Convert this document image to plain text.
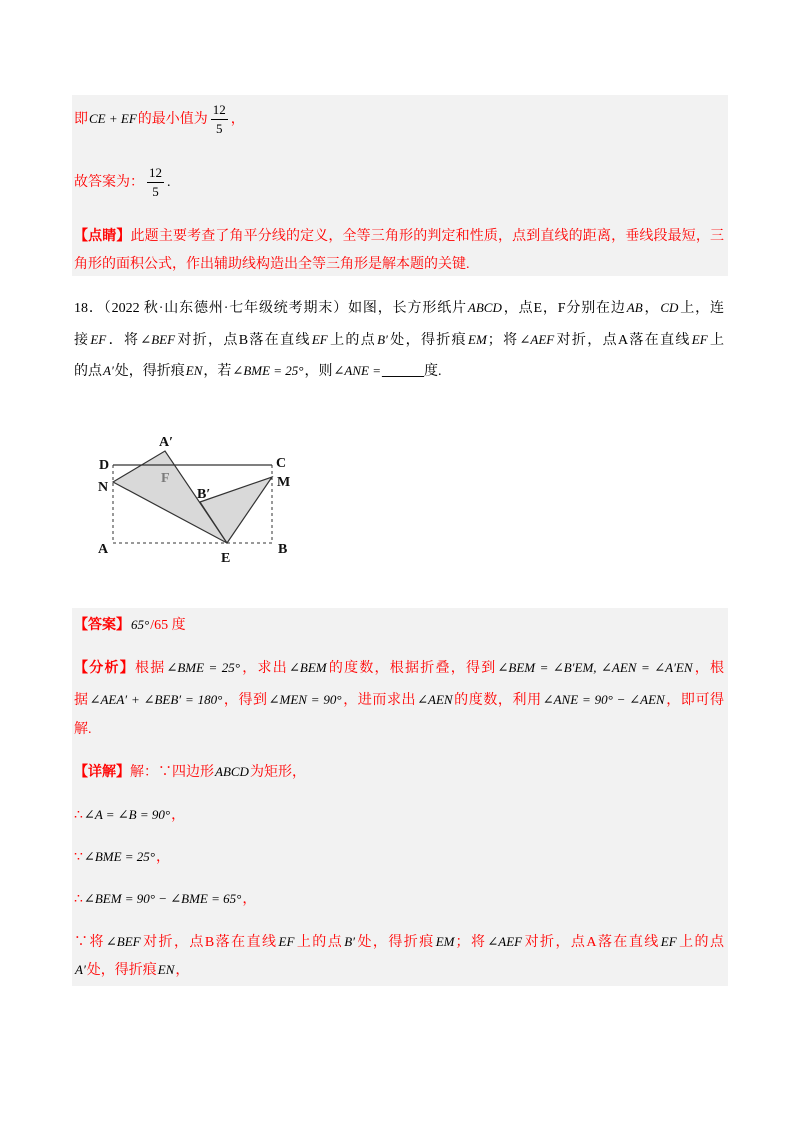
即CE + EF的最小值为 $\frac{12}{5}$ ，
故答案为： $\frac{12}{5}$ .
【点睛】此题主要考查了角平分线的定义，全等三角形的判定和性质，点到直线的距离，垂线段最短，三
角形的面积公式，作出辅助线构造出全等三角形是解本题的关键.
18．（2022 秋·山东德州·七年级统考期末）如图，长方形纸片ABCD，点E，F分别在边AB，CD上，连
接EF．将∠BEF对折，点B落在直线EF上的点B′处，得折痕EM；将∠AEF对折，点A落在直线EF上
的点A′处，得折痕EN，若∠BME = 25°，则∠ANE =______度.
D	C
A′
N
F
B′
M
A
E
B
【答案】65°/65 度
【分析】根据∠BME = 25°，求出∠BEM的度数，根据折叠，得到∠BEM = ∠B′EM, ∠AEN = ∠A′EN，根
据∠AEA′ + ∠BEB′ = 180°，得到∠MEN = 90°，进而求出∠AEN的度数，利用∠ANE = 90° − ∠AEN，即可得
解.
【详解】解：∵四边形ABCD为矩形，
∴∠A = ∠B = 90°，
∵∠BME = 25°，
∴∠BEM = 90° − ∠BME = 65°，
∵将∠BEF对折，点B落在直线EF上的点B′处，得折痕EM；将∠AEF对折，点A落在直线EF上的点
A′处，得折痕EN，
